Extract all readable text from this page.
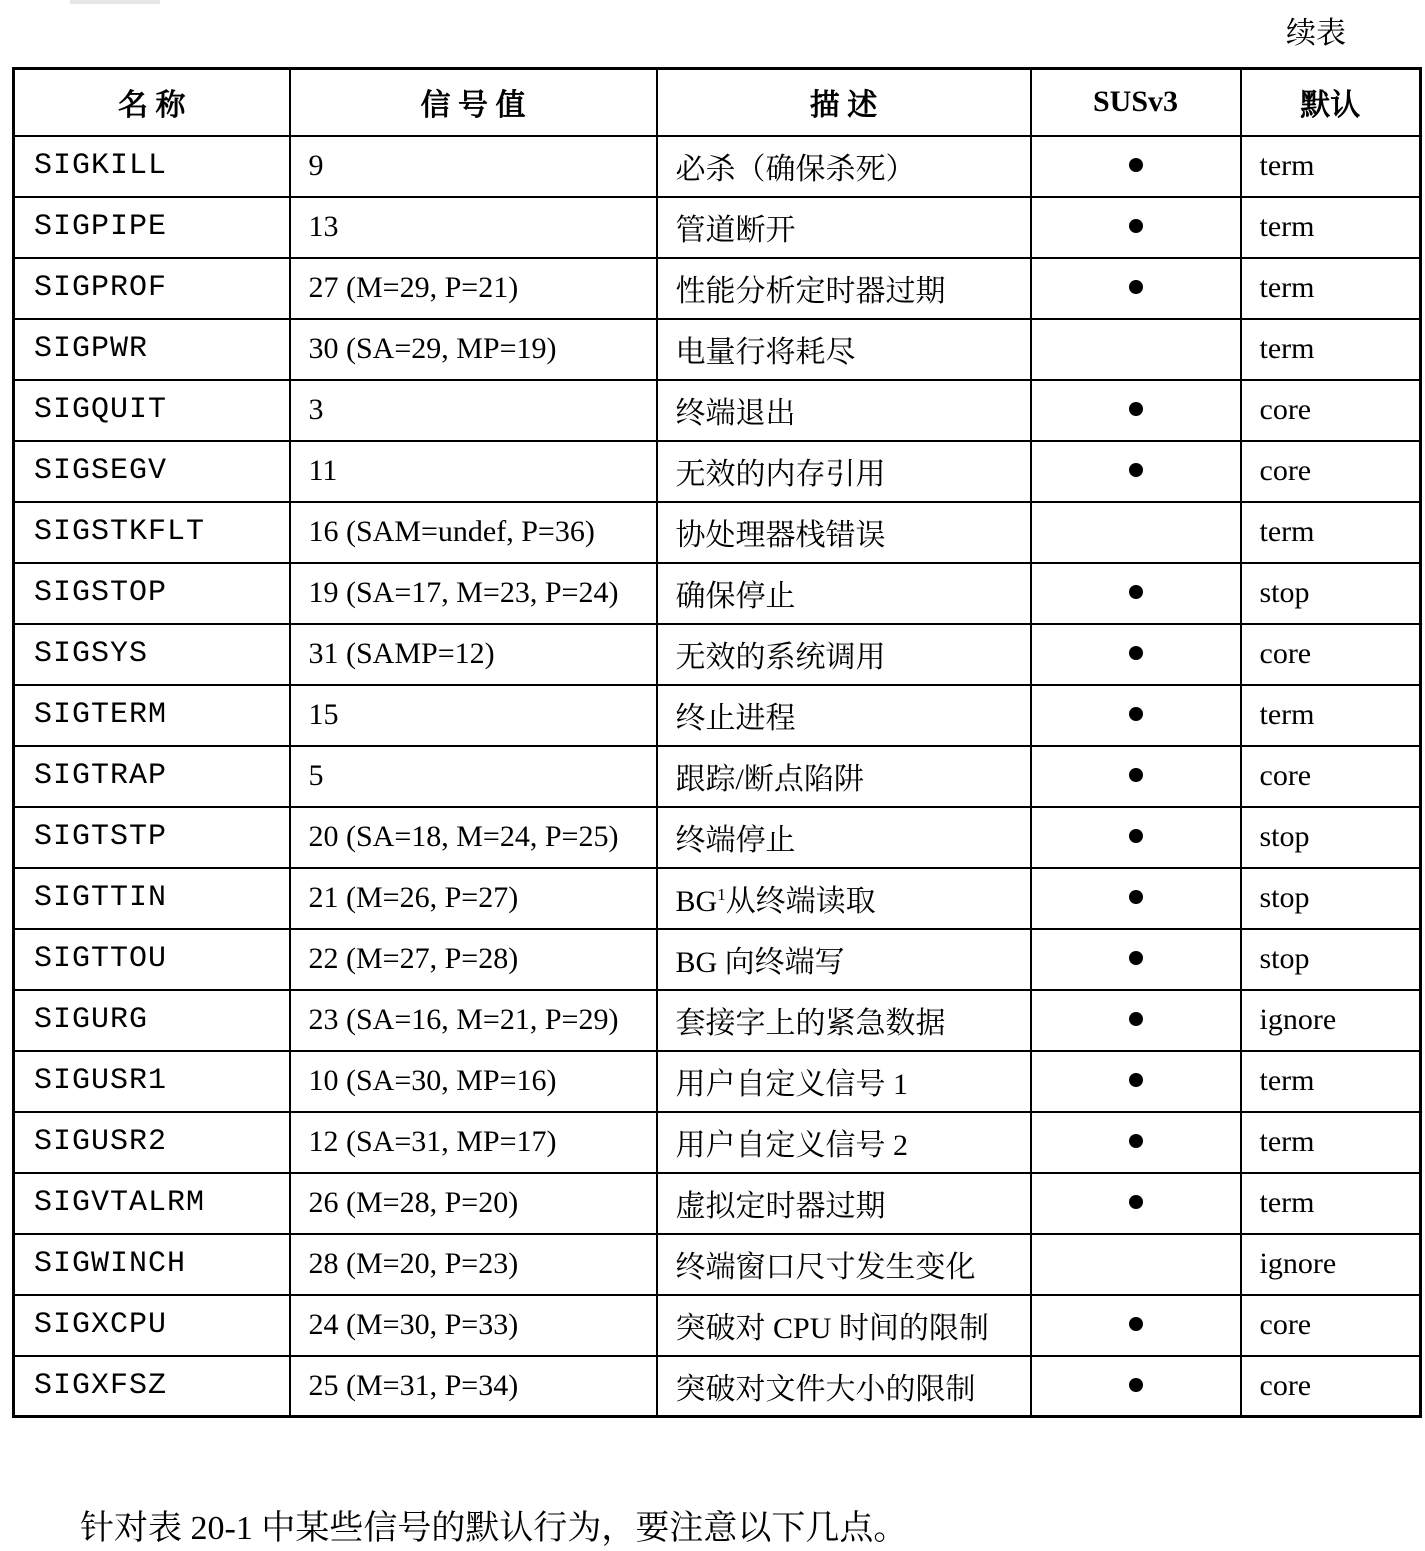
续表
名 称	信 号 值	描 述	SUSv3	默认
SIGKILL	9	必杀（确保杀死）		term
SIGPIPE	13	管道断开		term
SIGPROF	27 (M=29, P=21)	性能分析定时器过期		term
SIGPWR	30 (SA=29, MP=19)	电量行将耗尽		term
SIGQUIT	3	终端退出		core
SIGSEGV	11	无效的内存引用		core
SIGSTKFLT	16 (SAM=undef, P=36)	协处理器栈错误		term
SIGSTOP	19 (SA=17, M=23, P=24)	确保停止		stop
SIGSYS	31 (SAMP=12)	无效的系统调用		core
SIGTERM	15	终止进程		term
SIGTRAP	5	跟踪/断点陷阱		core
SIGTSTP	20 (SA=18, M=24, P=25)	终端停止		stop
SIGTTIN	21 (M=26, P=27)	$BG^1$从终端读取		stop
SIGTTOU	22 (M=27, P=28)	BG 向终端写		stop
SIGURG	23 (SA=16, M=21, P=29)	套接字上的紧急数据		ignore
SIGUSR1	10 (SA=30, MP=16)	用户自定义信号 1		term
SIGUSR2	12 (SA=31, MP=17)	用户自定义信号 2		term
SIGVTALRM	26 (M=28, P=20)	虚拟定时器过期		term
SIGWINCH	28 (M=20, P=23)	终端窗口尺寸发生变化		ignore
SIGXCPU	24 (M=30, P=33)	突破对 CPU 时间的限制		core
SIGXFSZ	25 (M=31, P=34)	突破对文件大小的限制		core
针对表 20-1 中某些信号的默认行为，要注意以下几点。
